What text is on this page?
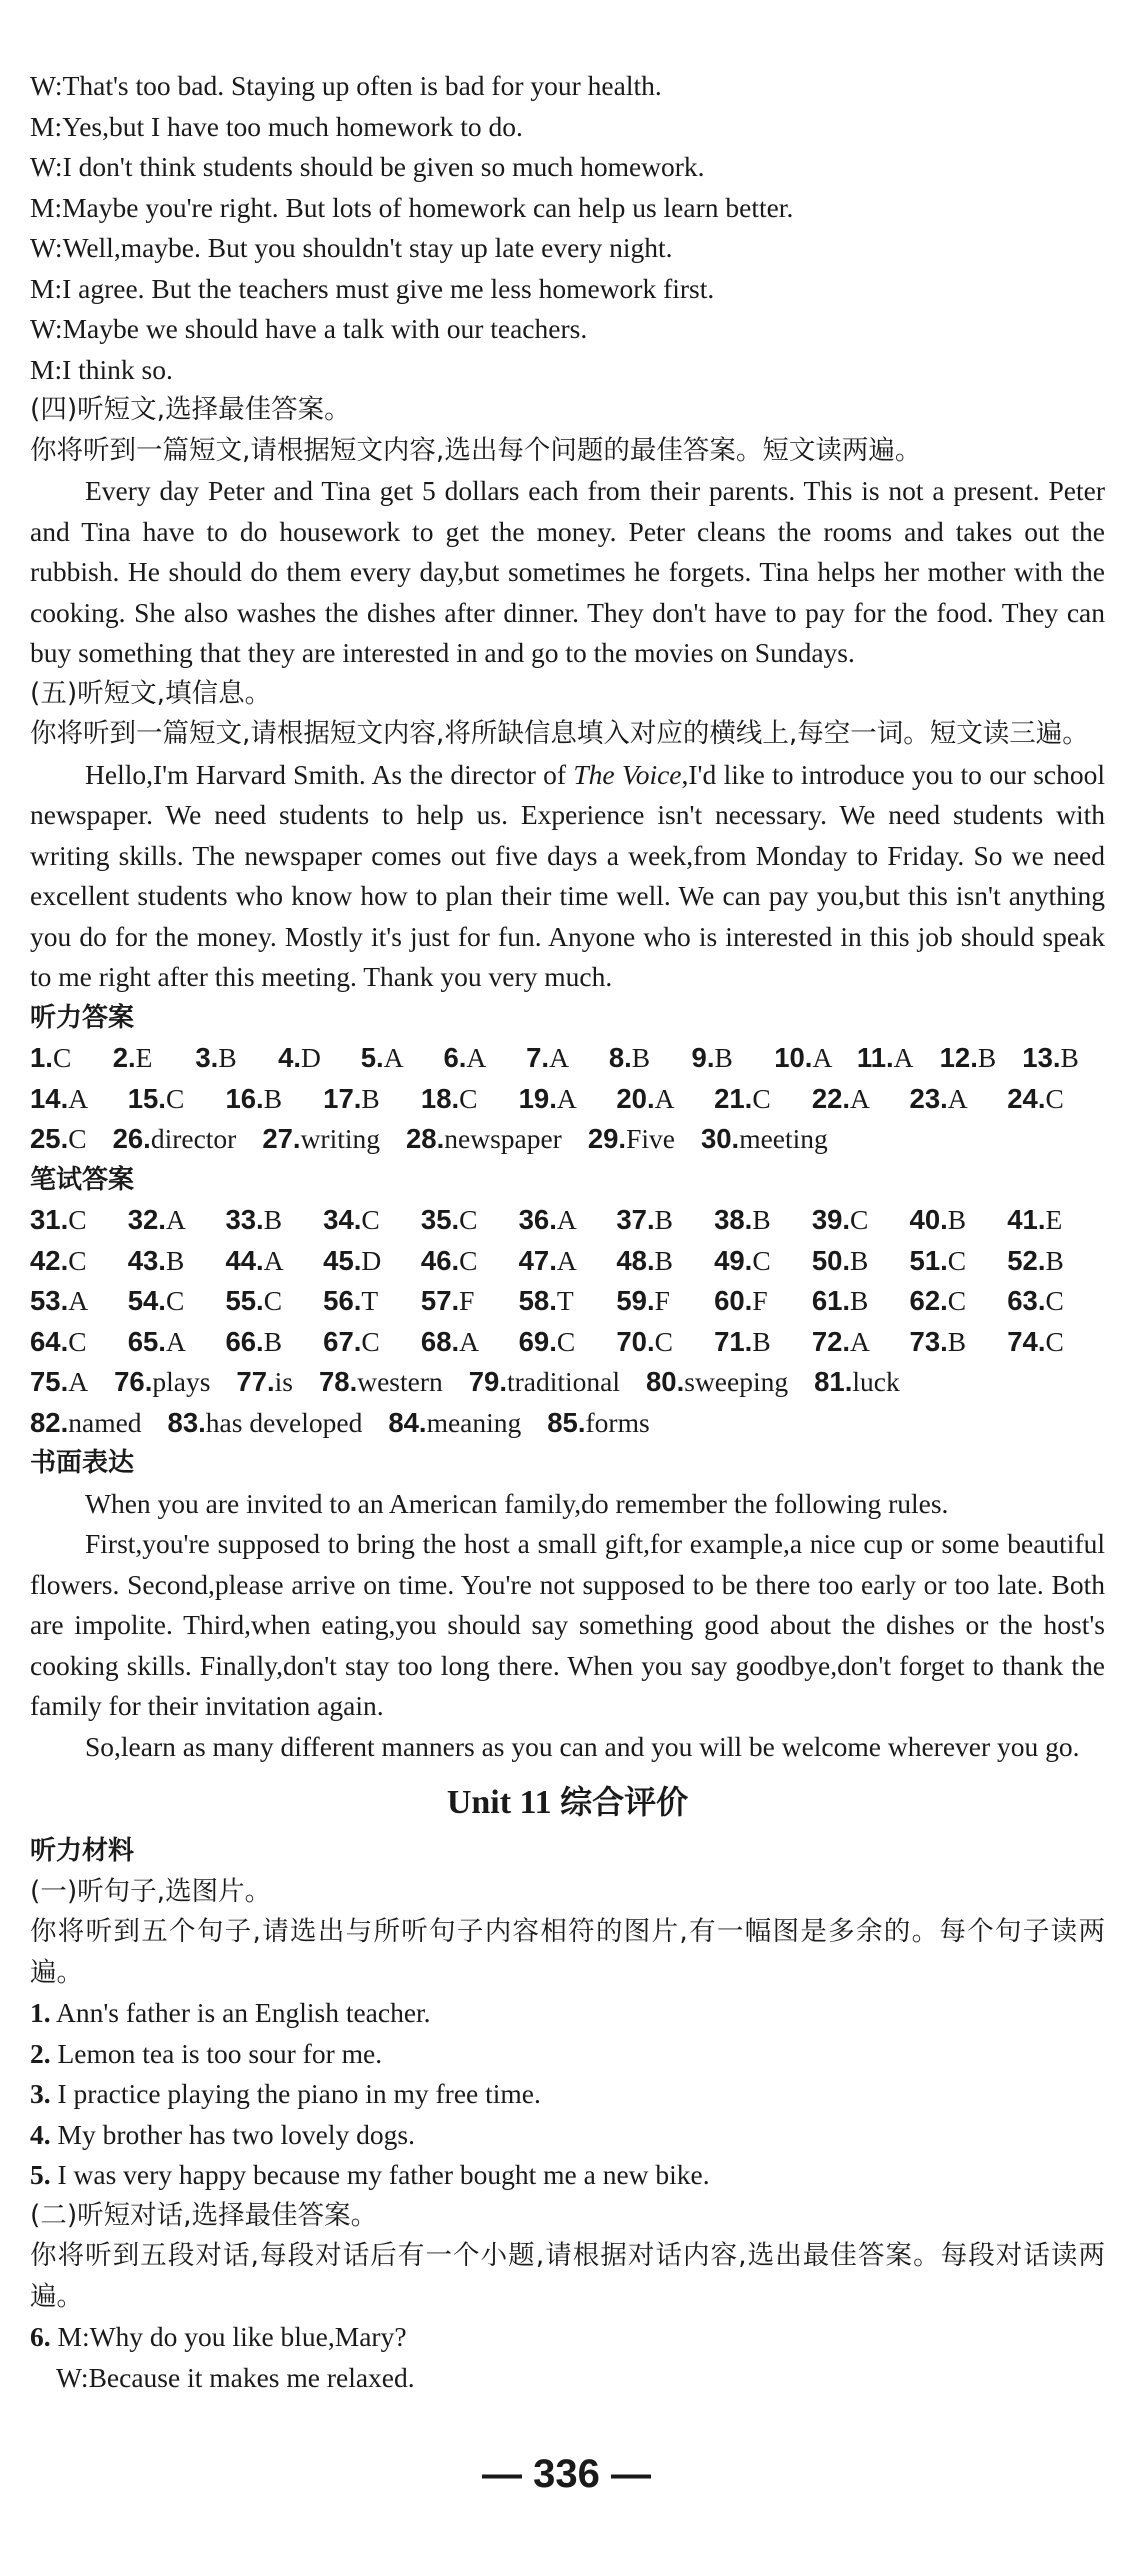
W:That's too bad. Staying up often is bad for your health.
M:Yes,but I have too much homework to do.
W:I don't think students should be given so much homework.
M:Maybe you're right. But lots of homework can help us learn better.
W:Well,maybe. But you shouldn't stay up late every night.
M:I agree. But the teachers must give me less homework first.
W:Maybe we should have a talk with our teachers.
M:I think so.
(四)听短文,选择最佳答案。
你将听到一篇短文,请根据短文内容,选出每个问题的最佳答案。短文读两遍。

Every day Peter and Tina get 5 dollars each from their parents. This is not a present. Peter and Tina have to do housework to get the money. Peter cleans the rooms and takes out the rubbish. He should do them every day,but sometimes he forgets. Tina helps her mother with the cooking. She also washes the dishes after dinner. They don't have to pay for the food. They can buy something that they are interested in and go to the movies on Sundays.

(五)听短文,填信息。

你将听到一篇短文,请根据短文内容,将所缺信息填入对应的横线上,每空一词。短文读三遍。

Hello,I'm Harvard Smith. As the director of The Voice,I'd like to introduce you to our school newspaper. We need students to help us. Experience isn't necessary. We need students with writing skills. The newspaper comes out five days a week,from Monday to Friday. So we need excellent students who know how to plan their time well. We can pay you,but this isn't anything you do for the money. Mostly it's just for fun. Anyone who is interested in this job should speak to me right after this meeting. Thank you very much.

听力答案
1.C	2.E	3.B	4.D	5.A	6.A	7.A	8.B	9.B	10.A 11.A 12.B 13.B
14.A	15.C	16.B	17.B	18.C	19.A	20.A	21.C	22.A	23.A	24.C
25.C 26.director 27.writing 28.newspaper 29.Five 30.meeting
笔试答案
31.C	32.A	33.B	34.C	35.C	36.A	37.B	38.B	39.C	40.B	41.E
42.C	43.B	44.A	45.D	46.C	47.A	48.B	49.C	50.B	51.C	52.B
53.A	54.C	55.C	56.T	57.F	58.T	59.F	60.F	61.B	62.C	63.C
64.C	65.A	66.B	67.C	68.A	69.C	70.C	71.B	72.A	73.B	74.C
75.A 76.plays 77.is 78.western 79.traditional 80.sweeping 81.luck
82.named 83.has developed 84.meaning 85.forms
书面表达

When you are invited to an American family,do remember the following rules.

First,you're supposed to bring the host a small gift,for example,a nice cup or some beautiful flowers. Second,please arrive on time. You're not supposed to be there too early or too late. Both are impolite. Third,when eating,you should say something good about the dishes or the host's cooking skills. Finally,don't stay too long there. When you say goodbye,don't forget to thank the family for their invitation again.

So,learn as many different manners as you can and you will be welcome wherever you go.

Unit 11 综合评价
听力材料
(一)听句子,选图片。

你将听到五个句子,请选出与所听句子内容相符的图片,有一幅图是多余的。每个句子读两遍。

1. Ann's father is an English teacher.
2. Lemon tea is too sour for me.
3. I practice playing the piano in my free time.
4. My brother has two lovely dogs.
5. I was very happy because my father bought me a new bike.
(二)听短对话,选择最佳答案。

你将听到五段对话,每段对话后有一个小题,请根据对话内容,选出最佳答案。每段对话读两遍。

6. M:Why do you like blue,Mary?
W:Because it makes me relaxed.
— 336 —
